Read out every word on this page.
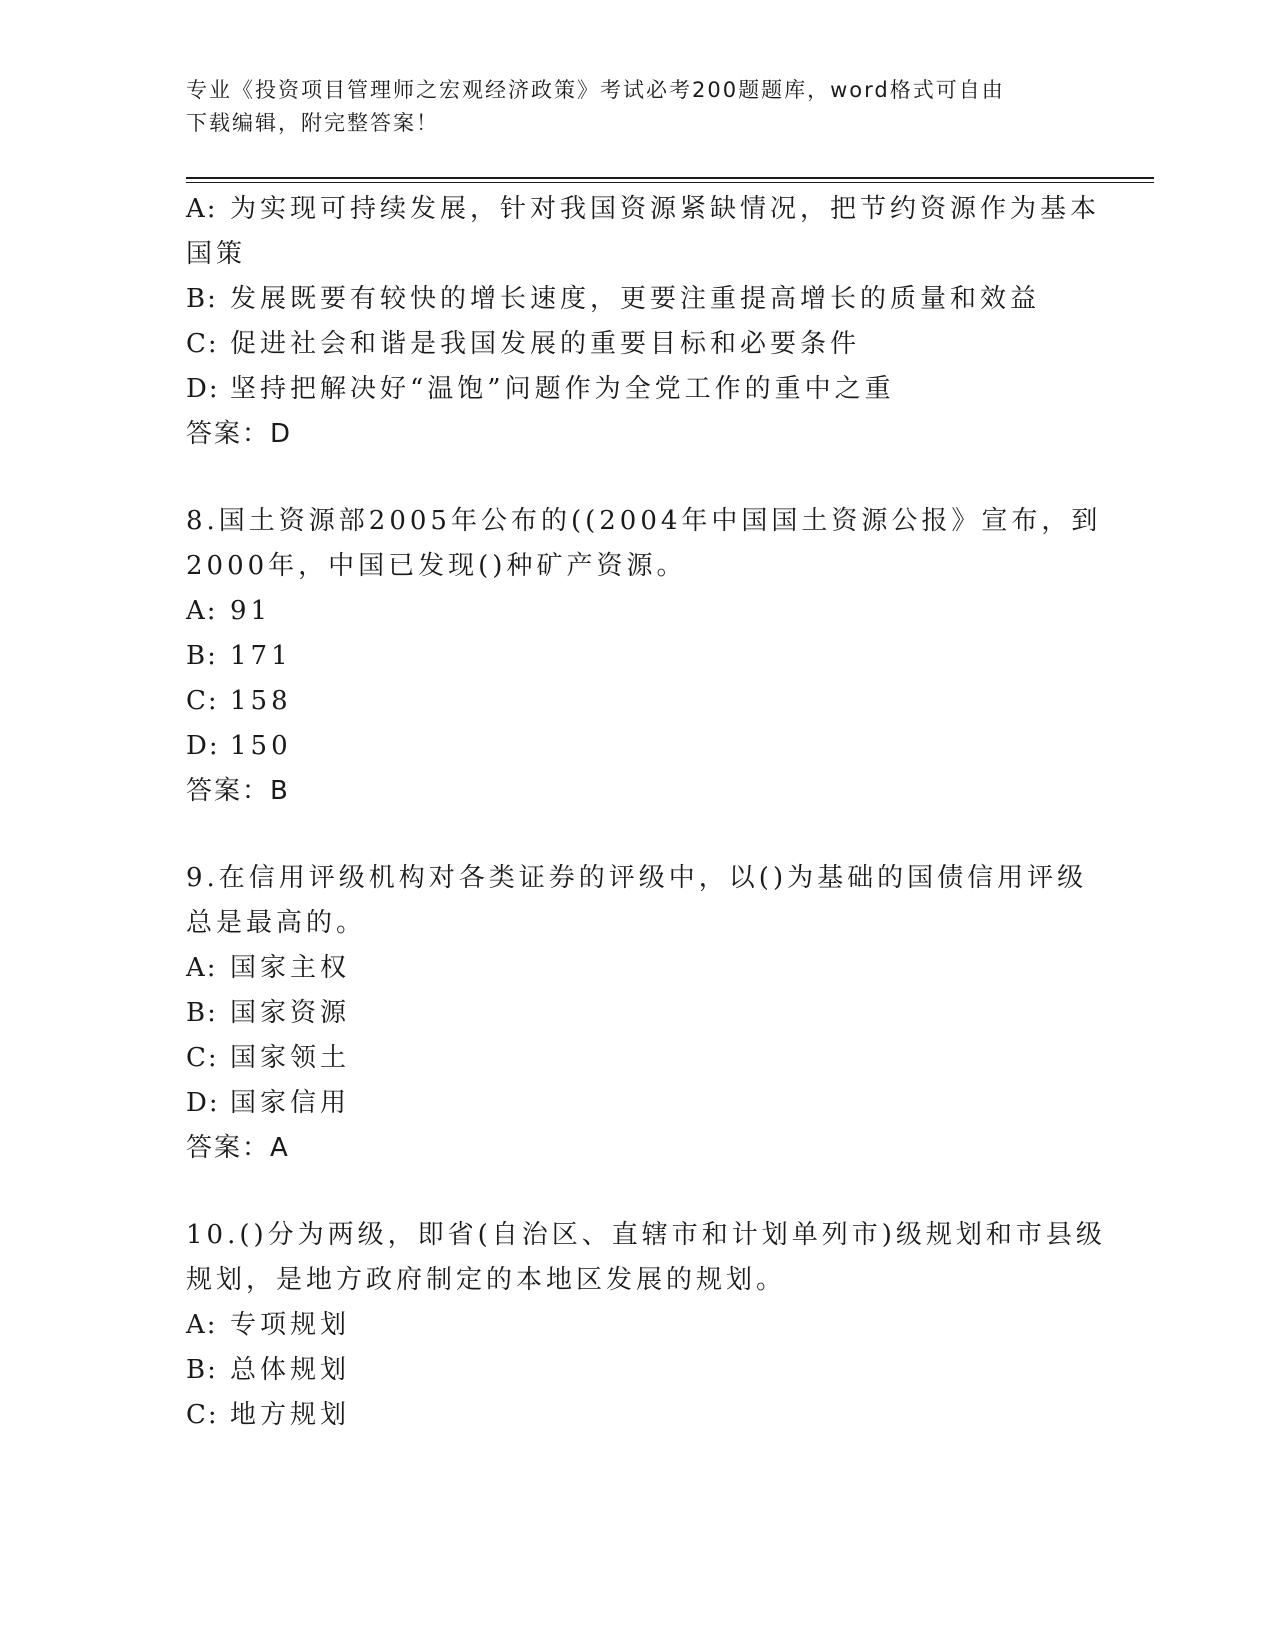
专业《投资项目管理师之宏观经济政策》考试必考200题题库，word格式可自由
下载编辑，附完整答案！
A: 为实现可持续发展，针对我国资源紧缺情况，把节约资源作为基本
国策
B: 发展既要有较快的增长速度，更要注重提高增长的质量和效益
C: 促进社会和谐是我国发展的重要目标和必要条件
D: 坚持把解决好“温饱”问题作为全党工作的重中之重
答案：D
8.国土资源部2005年公布的((2004年中国国土资源公报》宣布，到
2000年，中国已发现()种矿产资源。
A: 91
B: 171
C: 158
D: 150
答案：B
9.在信用评级机构对各类证券的评级中，以()为基础的国债信用评级
总是最高的。
A: 国家主权
B: 国家资源
C: 国家领土
D: 国家信用
答案：A
10.()分为两级，即省(自治区、直辖市和计划单列市)级规划和市县级
规划，是地方政府制定的本地区发展的规划。
A: 专项规划
B: 总体规划
C: 地方规划
